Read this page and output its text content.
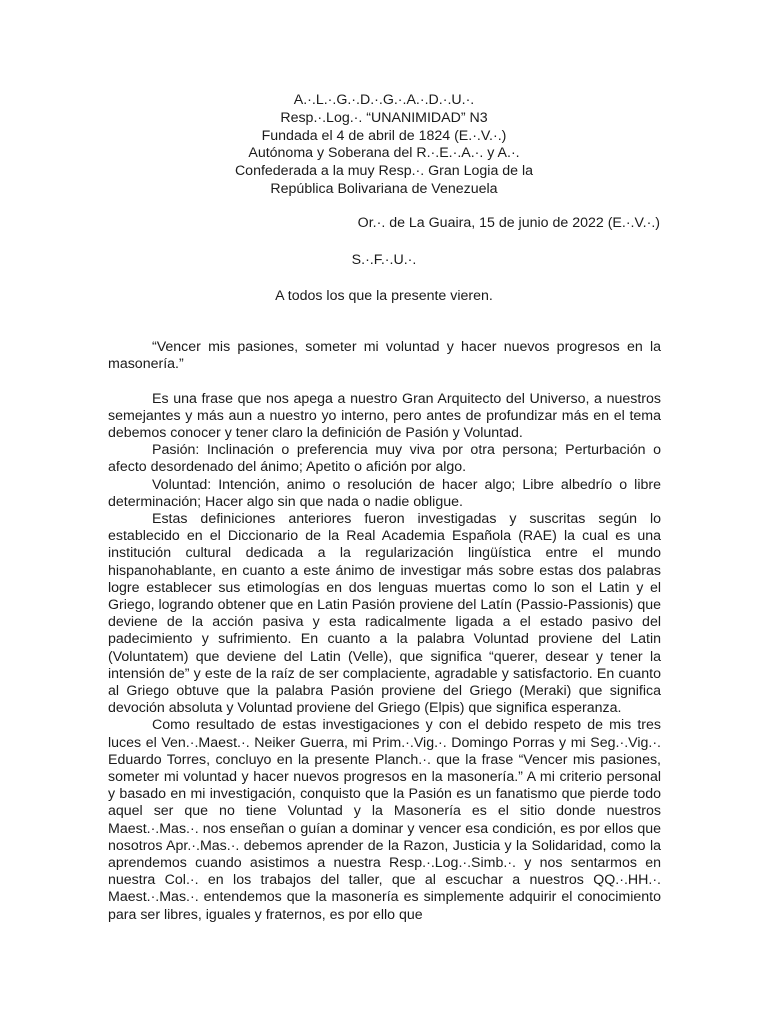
A.·.L.·.G.·.D.·.G.·.A.·.D.·.U.·.
Resp.·.Log.·. “UNANIMIDAD” N3
Fundada el 4 de abril de 1824 (E.·.V.·.)
Autónoma y Soberana del R.·.E.·.A.·. y A.·.
Confederada a la muy Resp.·. Gran Logia de la
República Bolivariana de Venezuela
Or.·. de La Guaira, 15 de junio de 2022 (E.·.V.·.)
S.·.F.·.U.·.
A todos los que la presente vieren.

“Vencer mis pasiones, someter mi voluntad y hacer nuevos progresos en la masonería.”

Es una frase que nos apega a nuestro Gran Arquitecto del Universo, a nuestros semejantes y más aun a nuestro yo interno, pero antes de profundizar más en el tema debemos conocer y tener claro la definición de Pasión y Voluntad.

Pasión: Inclinación o preferencia muy viva por otra persona; Perturbación o afecto desordenado del ánimo; Apetito o afición por algo.

Voluntad: Intención, animo o resolución de hacer algo; Libre albedrío o libre determinación; Hacer algo sin que nada o nadie obligue.

Estas definiciones anteriores fueron investigadas y suscritas según lo establecido en el Diccionario de la Real Academia Española (RAE) la cual es una institución cultural dedicada a la regularización lingüística entre el mundo hispanohablante, en cuanto a este ánimo de investigar más sobre estas dos palabras logre establecer sus etimologías en dos lenguas muertas como lo son el Latin y el Griego, logrando obtener que en Latin Pasión proviene del Latín (Passio-Passionis) que deviene de la acción pasiva y esta radicalmente ligada a el estado pasivo del padecimiento y sufrimiento. En cuanto a la palabra Voluntad proviene del Latin (Voluntatem) que deviene del Latin (Velle), que significa “querer, desear y tener la intensión de” y este de la raíz de ser complaciente, agradable y satisfactorio. En cuanto al Griego obtuve que la palabra Pasión proviene del Griego (Meraki) que significa devoción absoluta y Voluntad proviene del Griego (Elpis) que significa esperanza.

Como resultado de estas investigaciones y con el debido respeto de mis tres luces el Ven.·.Maest.·. Neiker Guerra, mi Prim.·.Vig.·. Domingo Porras y mi Seg.·.Vig.·. Eduardo Torres, concluyo en la presente Planch.·. que la frase “Vencer mis pasiones, someter mi voluntad y hacer nuevos progresos en la masonería.” A mi criterio personal y basado en mi investigación, conquisto que la Pasión es un fanatismo que pierde todo aquel ser que no tiene Voluntad y la Masonería es el sitio donde nuestros Maest.·.Mas.·. nos enseñan o guían a dominar y vencer esa condición, es por ellos que nosotros Apr.·.Mas.·. debemos aprender de la Razon, Justicia y la Solidaridad, como la aprendemos cuando asistimos a nuestra Resp.·.Log.·.Simb.·. y nos sentarmos en nuestra Col.·. en los trabajos del taller, que al escuchar a nuestros QQ.·.HH.·. Maest.·.Mas.·. entendemos que la masonería es simplemente adquirir el conocimiento para ser libres, iguales y fraternos, es por ello que
